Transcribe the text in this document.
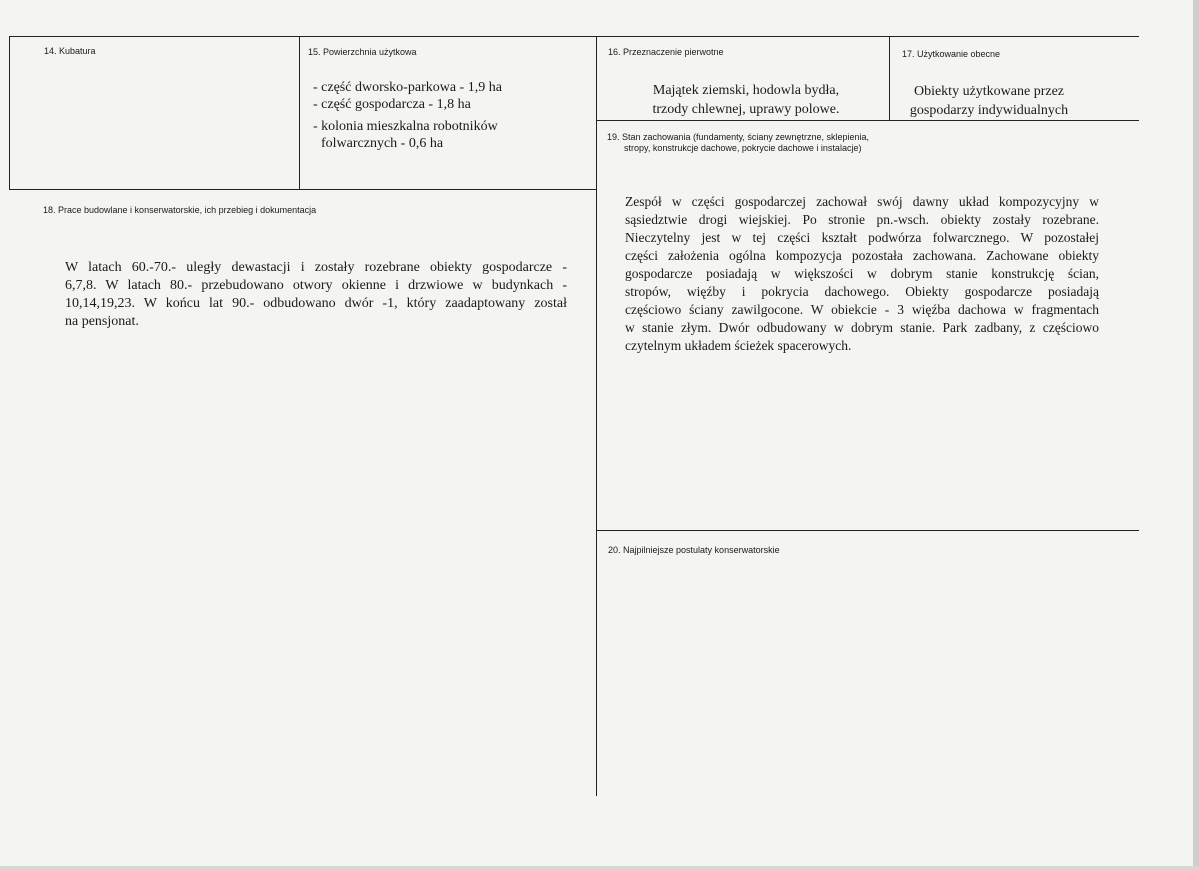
14. Kubatura	15. Powierzchnia użytkowa
- część dworsko-parkowa - 1,9 ha
- część gospodarcza - 1,8 ha
- kolonia mieszkalna robotników
folwarcznych - 0,6 ha
16. Przeznaczenie pierwotne
Majątek ziemski, hodowla bydła,
trzody chlewnej, uprawy polowe.
17. Użytkowanie obecne
Obiekty użytkowane przez
gospodarzy indywidualnych
18. Prace budowlane i konserwatorskie, ich przebieg i dokumentacja
W latach 60.-70.- uległy dewastacji i zostały rozebrane obiekty gospodarcze -
6,7,8. W latach 80.- przebudowano otwory okienne i drzwiowe w budynkach -
10,14,19,23. W końcu lat 90.- odbudowano dwór -1, który zaadaptowany został
na pensjonat.
19. Stan zachowania (fundamenty, ściany zewnętrzne, sklepienia,
stropy, konstrukcje dachowe, pokrycie dachowe i instalacje)
Zespół w części gospodarczej zachował swój dawny układ kompozycyjny w
sąsiedztwie drogi wiejskiej. Po stronie pn.-wsch. obiekty zostały rozebrane.
Nieczytelny jest w tej części kształt podwórza folwarcznego. W pozostałej
części założenia ogólna kompozycja pozostała zachowana. Zachowane obiekty
gospodarcze posiadają w większości w dobrym stanie konstrukcję ścian,
stropów, więźby i pokrycia dachowego. Obiekty gospodarcze posiadają
częściowo ściany zawilgocone. W obiekcie - 3 więźba dachowa w fragmentach
w stanie złym. Dwór odbudowany w dobrym stanie. Park zadbany, z częściowo
czytelnym układem ścieżek spacerowych.
20. Najpilniejsze postulaty konserwatorskie
